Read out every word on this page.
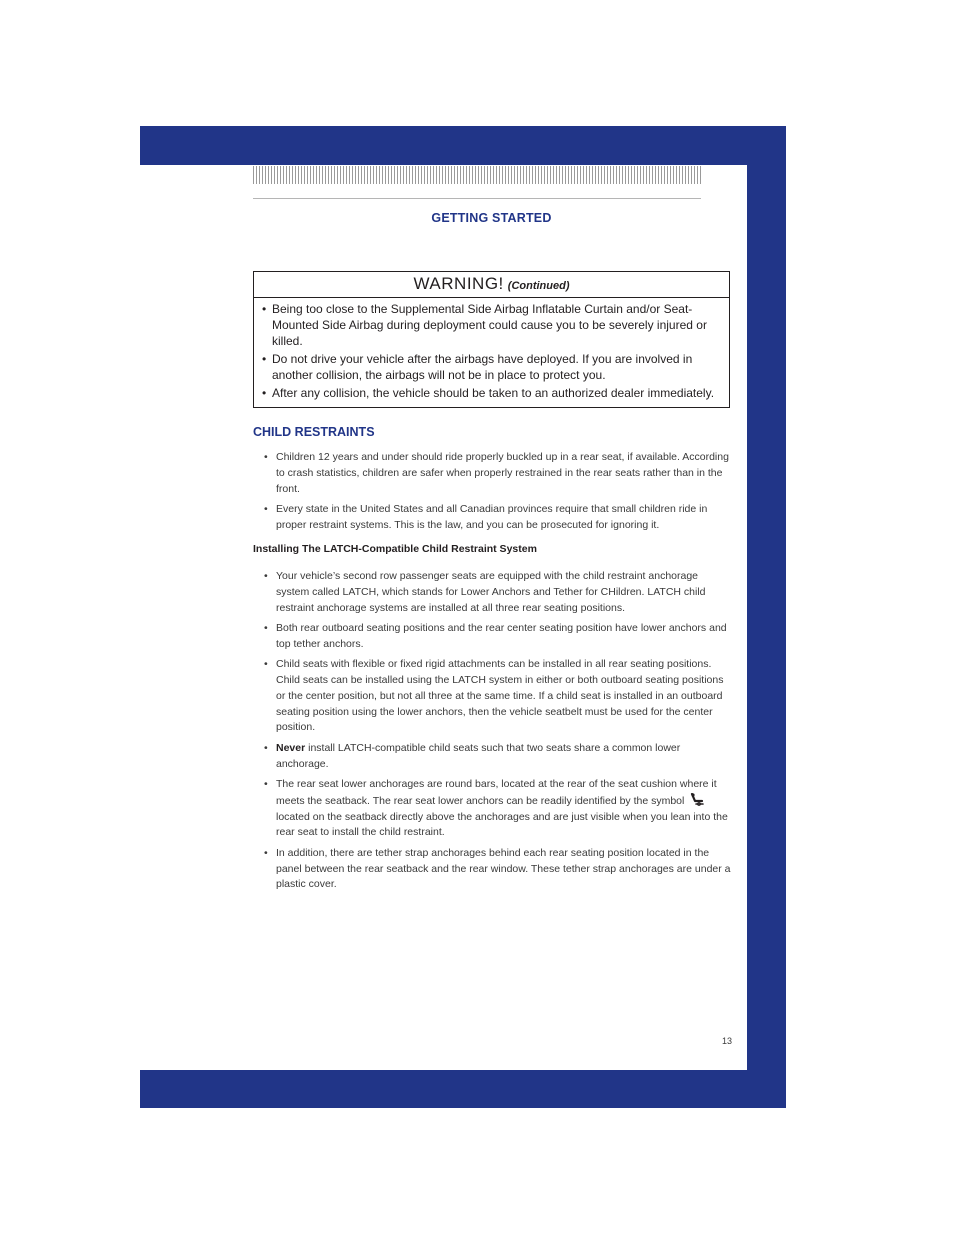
GETTING STARTED
WARNING! (Continued)
• Being too close to the Supplemental Side Airbag Inflatable Curtain and/or Seat-Mounted Side Airbag during deployment could cause you to be severely injured or killed.
• Do not drive your vehicle after the airbags have deployed. If you are involved in another collision, the airbags will not be in place to protect you.
• After any collision, the vehicle should be taken to an authorized dealer immediately.
CHILD RESTRAINTS
• Children 12 years and under should ride properly buckled up in a rear seat, if available. According to crash statistics, children are safer when properly restrained in the rear seats rather than in the front.
• Every state in the United States and all Canadian provinces require that small children ride in proper restraint systems. This is the law, and you can be prosecuted for ignoring it.
Installing The LATCH-Compatible Child Restraint System
• Your vehicle’s second row passenger seats are equipped with the child restraint anchorage system called LATCH, which stands for Lower Anchors and Tether for CHildren. LATCH child restraint anchorage systems are installed at all three rear seating positions.
• Both rear outboard seating positions and the rear center seating position have lower anchors and top tether anchors.
• Child seats with flexible or fixed rigid attachments can be installed in all rear seating positions. Child seats can be installed using the LATCH system in either or both outboard seating positions or the center position, but not all three at the same time. If a child seat is installed in an outboard seating position using the lower anchors, then the vehicle seatbelt must be used for the center position.
• Never install LATCH-compatible child seats such that two seats share a common lower anchorage.
• The rear seat lower anchorages are round bars, located at the rear of the seat cushion where it meets the seatback. The rear seat lower anchors can be readily identified by the symbol  located on the seatback directly above the anchorages and are just visible when you lean into the rear seat to install the child restraint.
• In addition, there are tether strap anchorages behind each rear seating position located in the panel between the rear seatback and the rear window. These tether strap anchorages are under a plastic cover.
13
